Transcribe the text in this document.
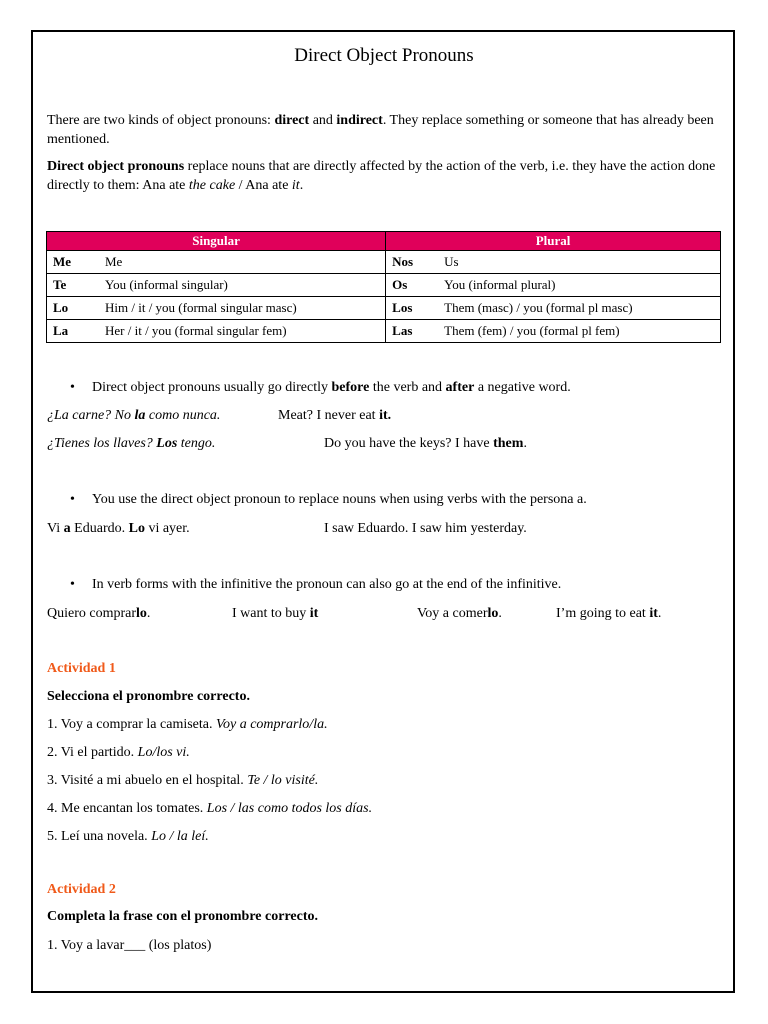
Direct Object Pronouns
There are two kinds of object pronouns: direct and indirect. They replace something or someone that has already been mentioned.
Direct object pronouns replace nouns that are directly affected by the action of the verb, i.e. they have the action done directly to them: Ana ate the cake / Ana ate it.
Singular	Plural
Me Me	Nos Us
Te You (informal singular)	Os You (informal plural)
Lo Him / it / you (formal singular masc)	Los Them (masc) / you (formal pl masc)
La Her / it / you (formal singular fem)	Las Them (fem) / you (formal pl fem)
• Direct object pronouns usually go directly before the verb and after a negative word.
¿La carne? No la como nunca.	Meat? I never eat it.
¿Tienes los llaves? Los tengo.	Do you have the keys? I have them.
• You use the direct object pronoun to replace nouns when using verbs with the persona a.
Vi a Eduardo. Lo vi ayer.	I saw Eduardo. I saw him yesterday.
• In verb forms with the infinitive the pronoun can also go at the end of the infinitive.
Quiero comprarlo.	I want to buy it	Voy a comerlo.	I’m going to eat it.
Actividad 1
Selecciona el pronombre correcto.
1. Voy a comprar la camiseta. Voy a comprarlo/la.
2. Vi el partido. Lo/los vi.
3. Visité a mi abuelo en el hospital. Te / lo visité.
4. Me encantan los tomates. Los / las como todos los días.
5. Leí una novela. Lo / la leí.
Actividad 2
Completa la frase con el pronombre correcto.
1. Voy a lavar___ (los platos)
